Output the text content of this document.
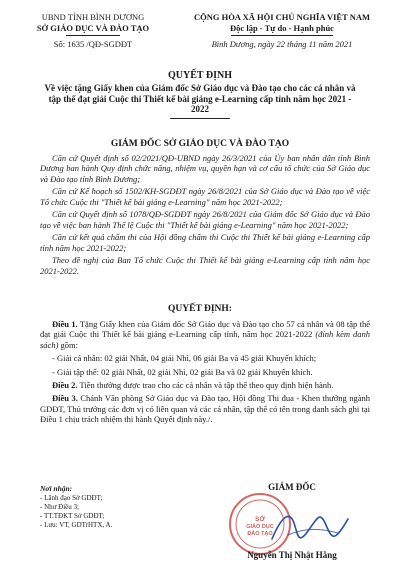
UBND TỈNH BÌNH DƯƠNG
SỞ GIÁO DỤC VÀ ĐÀO TẠO
Số: 1635 /QĐ-SGDĐT
CỘNG HÒA XÃ HỘI CHỦ NGHĨA VIỆT NAM
Độc lập - Tự do - Hạnh phúc
Bình Dương, ngày 22 tháng 11 năm 2021
QUYẾT ĐỊNH
Về việc tặng Giấy khen của Giám đốc Sở Giáo dục và Đào tạo cho các cá nhân và tập thể đạt giải Cuộc thi Thiết kế bài giảng e-Learning cấp tỉnh năm học 2021 - 2022
GIÁM ĐỐC SỞ GIÁO DỤC VÀ ĐÀO TẠO

Căn cứ Quyết định số 02/2021/QĐ-UBND ngày 26/3/2021 của Ủy ban nhân dân tỉnh Bình Dương ban hành Quy định chức năng, nhiệm vụ, quyền hạn và cơ cấu tổ chức của Sở Giáo dục và Đào tạo tỉnh Bình Dương;

Căn cứ Kế hoạch số 1502/KH-SGDĐT ngày 26/8/2021 của Sở Giáo dục và Đào tạo về việc Tổ chức Cuộc thi "Thiết kế bài giảng e-Learning" năm học 2021-2022;

Căn cứ Quyết định số 1078/QĐ-SGDĐT ngày 26/8/2021 của Giám đốc Sở Giáo dục và Đào tạo về việc ban hành Thể lệ Cuộc thi "Thiết kế bài giảng e-Learning" năm học 2021-2022;

Căn cứ kết quả chấm thi của Hội đồng chấm thi Cuộc thi Thiết kế bài giảng e-Learning cấp tỉnh năm học 2021-2022;

Theo đề nghị của Ban Tổ chức Cuộc thi Thiết kế bài giảng e-Learning cấp tỉnh năm học 2021-2022.

QUYẾT ĐỊNH:

Điều 1. Tặng Giấy khen của Giám đốc Sở Giáo dục và Đào tạo cho 57 cá nhân và 08 tập thể đạt giải Cuộc thi Thiết kế bài giảng e-Learning cấp tỉnh, năm học 2021-2022 (đính kèm danh sách) gồm:

- Giải cá nhân: 02 giải Nhất, 04 giải Nhì, 06 giải Ba và 45 giải Khuyến khích;

- Giải tập thể: 02 giải Nhất, 02 giải Nhì, 02 giải Ba và 02 giải Khuyến khích.

Điều 2. Tiền thưởng được trao cho các cá nhân và tập thể theo quy định hiện hành.

Điều 3. Chánh Văn phòng Sở Giáo dục và Đào tạo, Hội đồng Thi đua - Khen thưởng ngành GDĐT, Thủ trưởng các đơn vị có liên quan và các cá nhân, tập thể có tên trong danh sách ghi tại Điều 1 chịu trách nhiệm thi hành Quyết định này./.

Nơi nhận:
- Lãnh đạo Sở GDĐT;
- Như Điều 3;
- TT.TĐKT Sở GDĐT;
- Lưu: VT, GDTrHTX, A.
SỞ
GIÁO DỤC
ĐÀO TẠO
GIÁM ĐỐC
Nguyễn Thị Nhật Hằng
